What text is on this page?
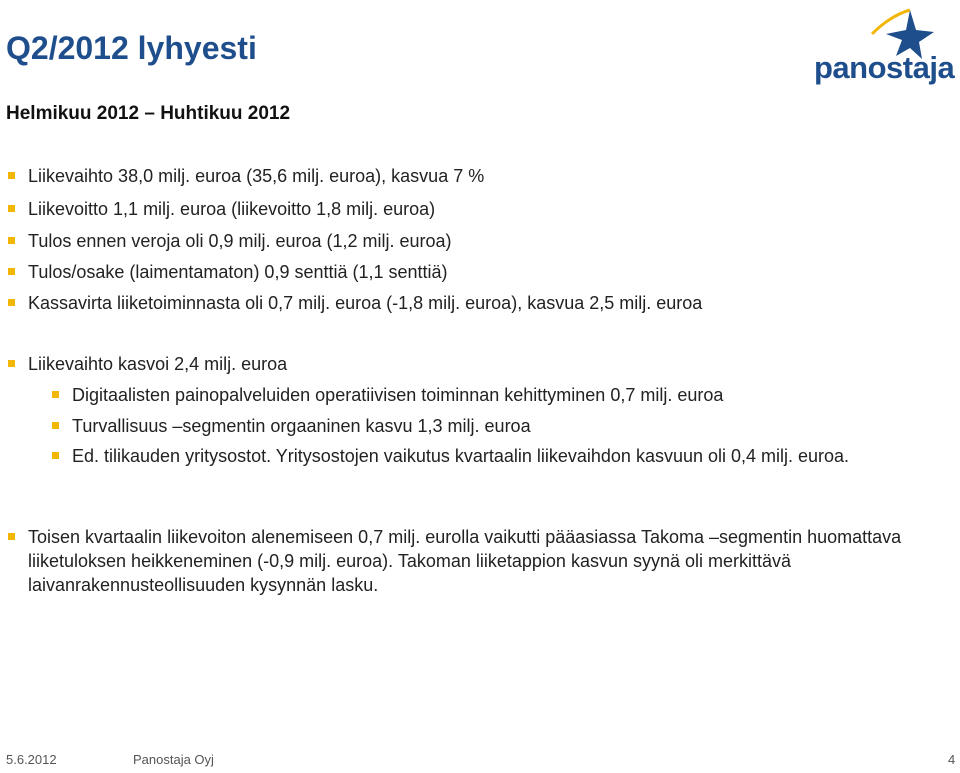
Q2/2012 lyhyesti
Helmikuu 2012 – Huhtikuu 2012
panostaja
Liikevaihto 38,0 milj. euroa (35,6 milj. euroa), kasvua 7 %
Liikevoitto 1,1 milj. euroa (liikevoitto 1,8 milj. euroa)
Tulos ennen veroja oli 0,9 milj. euroa (1,2 milj. euroa)
Tulos/osake (laimentamaton) 0,9 senttiä (1,1 senttiä)
Kassavirta liiketoiminnasta oli 0,7 milj. euroa (-1,8 milj. euroa), kasvua 2,5 milj. euroa
Liikevaihto kasvoi 2,4 milj. euroa
Digitaalisten painopalveluiden operatiivisen toiminnan kehittyminen 0,7 milj. euroa
Turvallisuus –segmentin orgaaninen kasvu 1,3 milj. euroa
Ed. tilikauden yritysostot. Yritysostojen vaikutus kvartaalin liikevaihdon kasvuun oli 0,4 milj. euroa.
Toisen kvartaalin liikevoiton alenemiseen 0,7 milj. eurolla vaikutti pääasiassa Takoma –segmentin huomattava liiketuloksen heikkeneminen (-0,9 milj. euroa). Takoman liiketappion kasvun syynä oli merkittävä laivanrakennusteollisuuden kysynnän lasku.
5.6.2012	Panostaja Oyj	4
